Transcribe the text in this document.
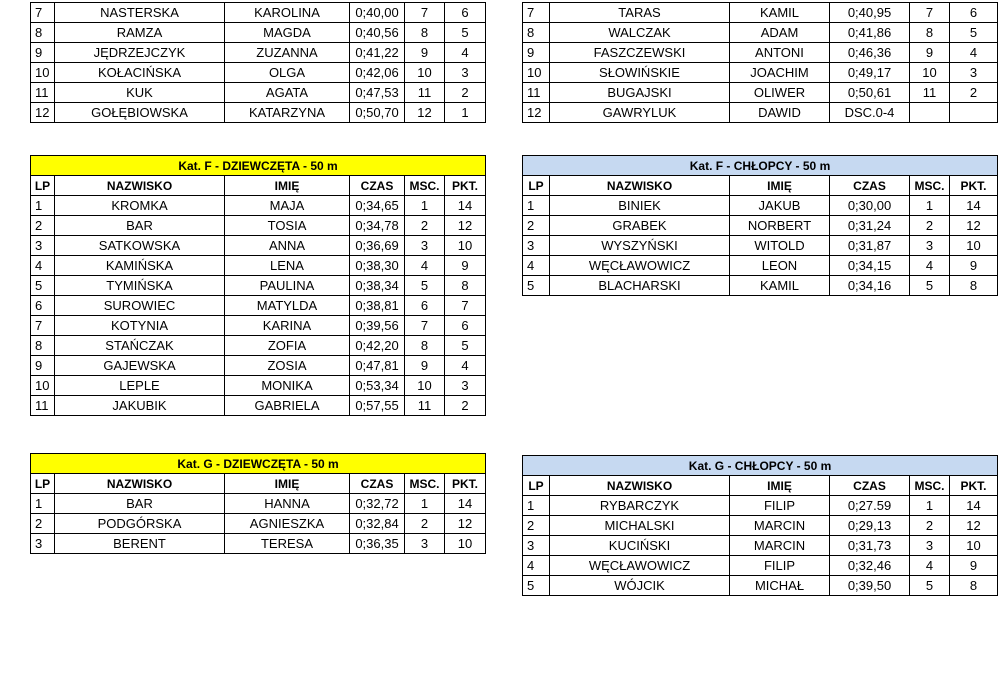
7	NASTERSKA	KAROLINA	0;40,00	7	6
8	RAMZA	MAGDA	0;40,56	8	5
9	JĘDRZEJCZYK	ZUZANNA	0;41,22	9	4
10	KOŁACIŃSKA	OLGA	0;42,06	10	3
11	KUK	AGATA	0;47,53	11	2
12	GOŁĘBIOWSKA	KATARZYNA	0;50,70	12	1
7	TARAS	KAMIL	0;40,95	7	6
8	WALCZAK	ADAM	0;41,86	8	5
9	FASZCZEWSKI	ANTONI	0;46,36	9	4
10	SŁOWIŃSKIE	JOACHIM	0;49,17	10	3
11	BUGAJSKI	OLIWER	0;50,61	11	2
12	GAWRYLUK	DAWID	DSC.0-4		
Kat. F - DZIEWCZĘTA - 50 m					
LP	NAZWISKO	IMIĘ	CZAS	MSC.	PKT.
1	KROMKA	MAJA	0;34,65	1	14
2	BAR	TOSIA	0;34,78	2	12
3	SATKOWSKA	ANNA	0;36,69	3	10
4	KAMIŃSKA	LENA	0;38,30	4	9
5	TYMIŃSKA	PAULINA	0;38,34	5	8
6	SUROWIEC	MATYLDA	0;38,81	6	7
7	KOTYNIA	KARINA	0;39,56	7	6
8	STAŃCZAK	ZOFIA	0;42,20	8	5
9	GAJEWSKA	ZOSIA	0;47,81	9	4
10	LEPLE	MONIKA	0;53,34	10	3
11	JAKUBIK	GABRIELA	0;57,55	11	2
Kat. F - CHŁOPCY - 50 m					
LP	NAZWISKO	IMIĘ	CZAS	MSC.	PKT.
1	BINIEK	JAKUB	0;30,00	1	14
2	GRABEK	NORBERT	0;31,24	2	12
3	WYSZYŃSKI	WITOLD	0;31,87	3	10
4	WĘCŁAWOWICZ	LEON	0;34,15	4	9
5	BLACHARSKI	KAMIL	0;34,16	5	8
Kat. G - DZIEWCZĘTA - 50 m					
LP	NAZWISKO	IMIĘ	CZAS	MSC.	PKT.
1	BAR	HANNA	0;32,72	1	14
2	PODGÓRSKA	AGNIESZKA	0;32,84	2	12
3	BERENT	TERESA	0;36,35	3	10
Kat. G - CHŁOPCY - 50 m					
LP	NAZWISKO	IMIĘ	CZAS	MSC.	PKT.
1	RYBARCZYK	FILIP	0;27.59	1	14
2	MICHALSKI	MARCIN	0;29,13	2	12
3	KUCIŃSKI	MARCIN	0;31,73	3	10
4	WĘCŁAWOWICZ	FILIP	0;32,46	4	9
5	WÓJCIK	MICHAŁ	0;39,50	5	8
